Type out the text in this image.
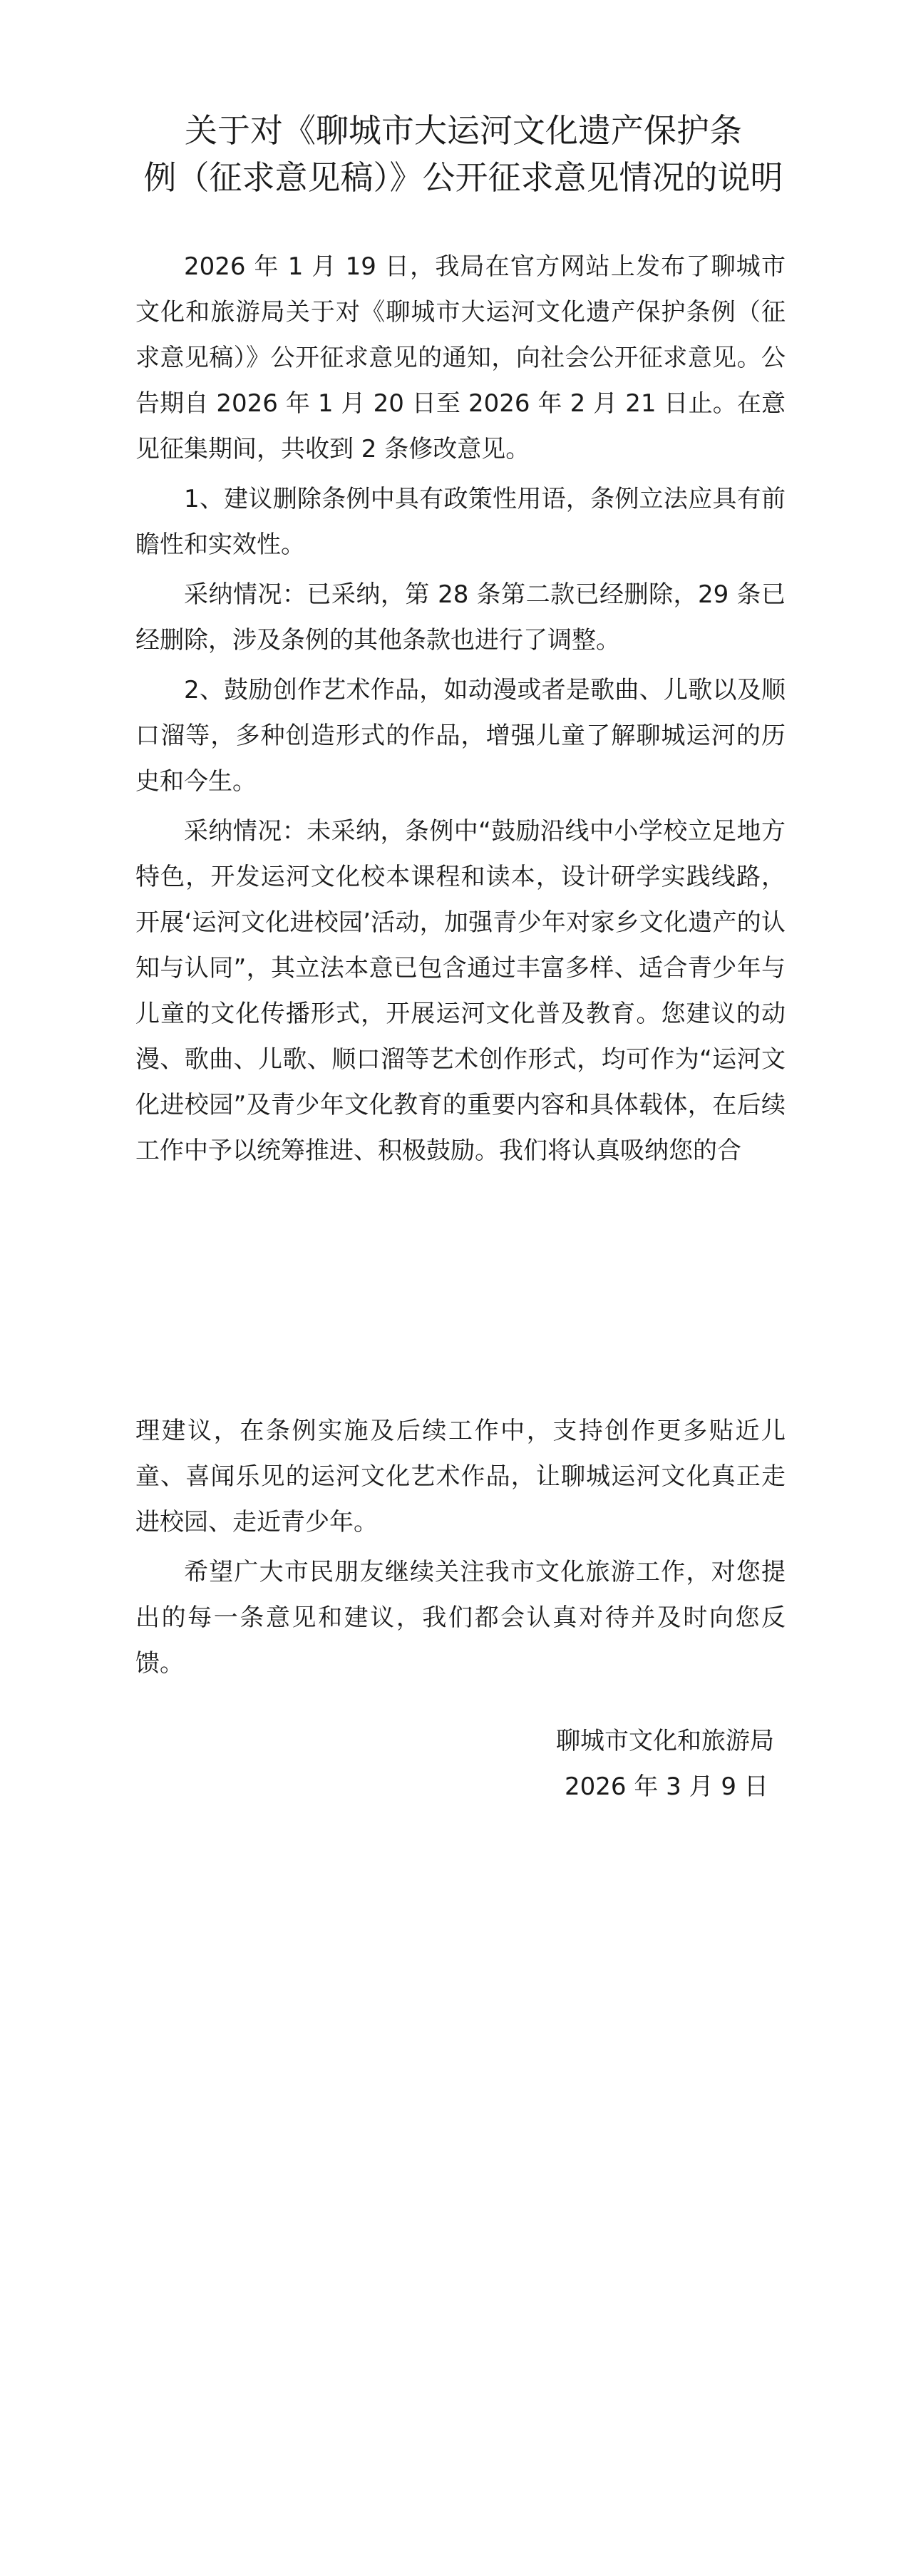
关于对《聊城市大运河文化遗产保护条
例（征求意见稿）》公开征求意见情况的说明

2026 年 1 月 19 日，我局在官方网站上发布了聊城市文化和旅游局关于对《聊城市大运河文化遗产保护条例（征求意见稿）》公开征求意见的通知，向社会公开征求意见。公告期自 2026 年 1 月 20 日至 2026 年 2 月 21 日止。在意见征集期间，共收到 2 条修改意见。

1、建议删除条例中具有政策性用语，条例立法应具有前瞻性和实效性。

采纳情况：已采纳，第 28 条第二款已经删除，29 条已经删除，涉及条例的其他条款也进行了调整。

2、鼓励创作艺术作品，如动漫或者是歌曲、儿歌以及顺口溜等，多种创造形式的作品，增强儿童了解聊城运河的历史和今生。

采纳情况：未采纳，条例中“鼓励沿线中小学校立足地方特色，开发运河文化校本课程和读本，设计研学实践线路，开展‘运河文化进校园’活动，加强青少年对家乡文化遗产的认知与认同”，其立法本意已包含通过丰富多样、适合青少年与儿童的文化传播形式，开展运河文化普及教育。您建议的动漫、歌曲、儿歌、顺口溜等艺术创作形式，均可作为“运河文化进校园”及青少年文化教育的重要内容和具体载体，在后续工作中予以统筹推进、积极鼓励。我们将认真吸纳您的合

理建议，在条例实施及后续工作中，支持创作更多贴近儿童、喜闻乐见的运河文化艺术作品，让聊城运河文化真正走进校园、走近青少年。

希望广大市民朋友继续关注我市文化旅游工作，对您提出的每一条意见和建议，我们都会认真对待并及时向您反馈。

聊城市文化和旅游局
2026 年 3 月 9 日
